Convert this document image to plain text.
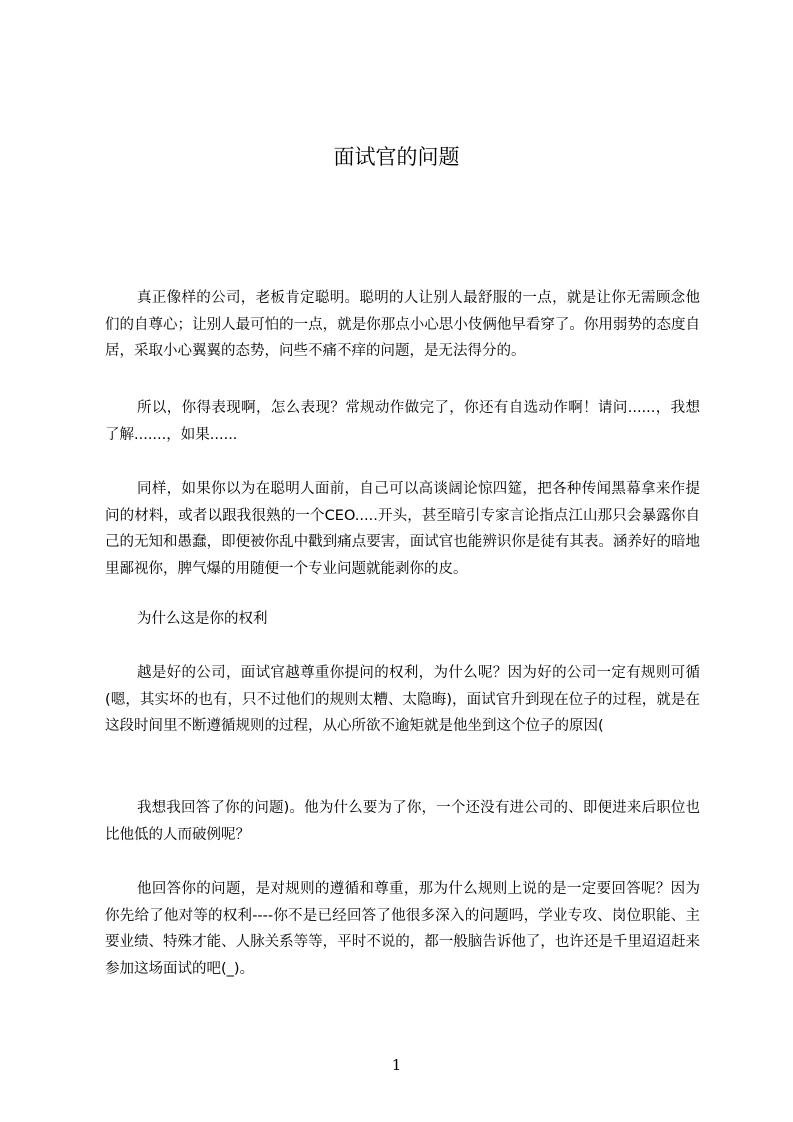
面试官的问题

真正像样的公司，老板肯定聪明。聪明的人让别人最舒服的一点，就是让你无需顾念他们的自尊心；让别人最可怕的一点，就是你那点小心思小伎俩他早看穿了。你用弱势的态度自居，采取小心翼翼的态势，问些不痛不痒的问题，是无法得分的。

所以，你得表现啊，怎么表现？常规动作做完了，你还有自选动作啊！请问......，我想了解.......，如果......

同样，如果你以为在聪明人面前，自己可以高谈阔论惊四筵，把各种传闻黑幕拿来作提问的材料，或者以跟我很熟的一个CEO.....开头，甚至暗引专家言论指点江山那只会暴露你自己的无知和愚蠢，即便被你乱中戳到痛点要害，面试官也能辨识你是徒有其表。涵养好的暗地里鄙视你，脾气爆的用随便一个专业问题就能剥你的皮。

为什么这是你的权利

越是好的公司，面试官越尊重你提问的权利，为什么呢？因为好的公司一定有规则可循(嗯，其实坏的也有，只不过他们的规则太糟、太隐晦)，面试官升到现在位子的过程，就是在这段时间里不断遵循规则的过程，从心所欲不逾矩就是他坐到这个位子的原因(

我想我回答了你的问题)。他为什么要为了你，一个还没有进公司的、即便进来后职位也比他低的人而破例呢？

他回答你的问题，是对规则的遵循和尊重，那为什么规则上说的是一定要回答呢？因为你先给了他对等的权利----你不是已经回答了他很多深入的问题吗，学业专攻、岗位职能、主要业绩、特殊才能、人脉关系等等，平时不说的，都一般脑告诉他了，也许还是千里迢迢赶来参加这场面试的吧(_)。

1
